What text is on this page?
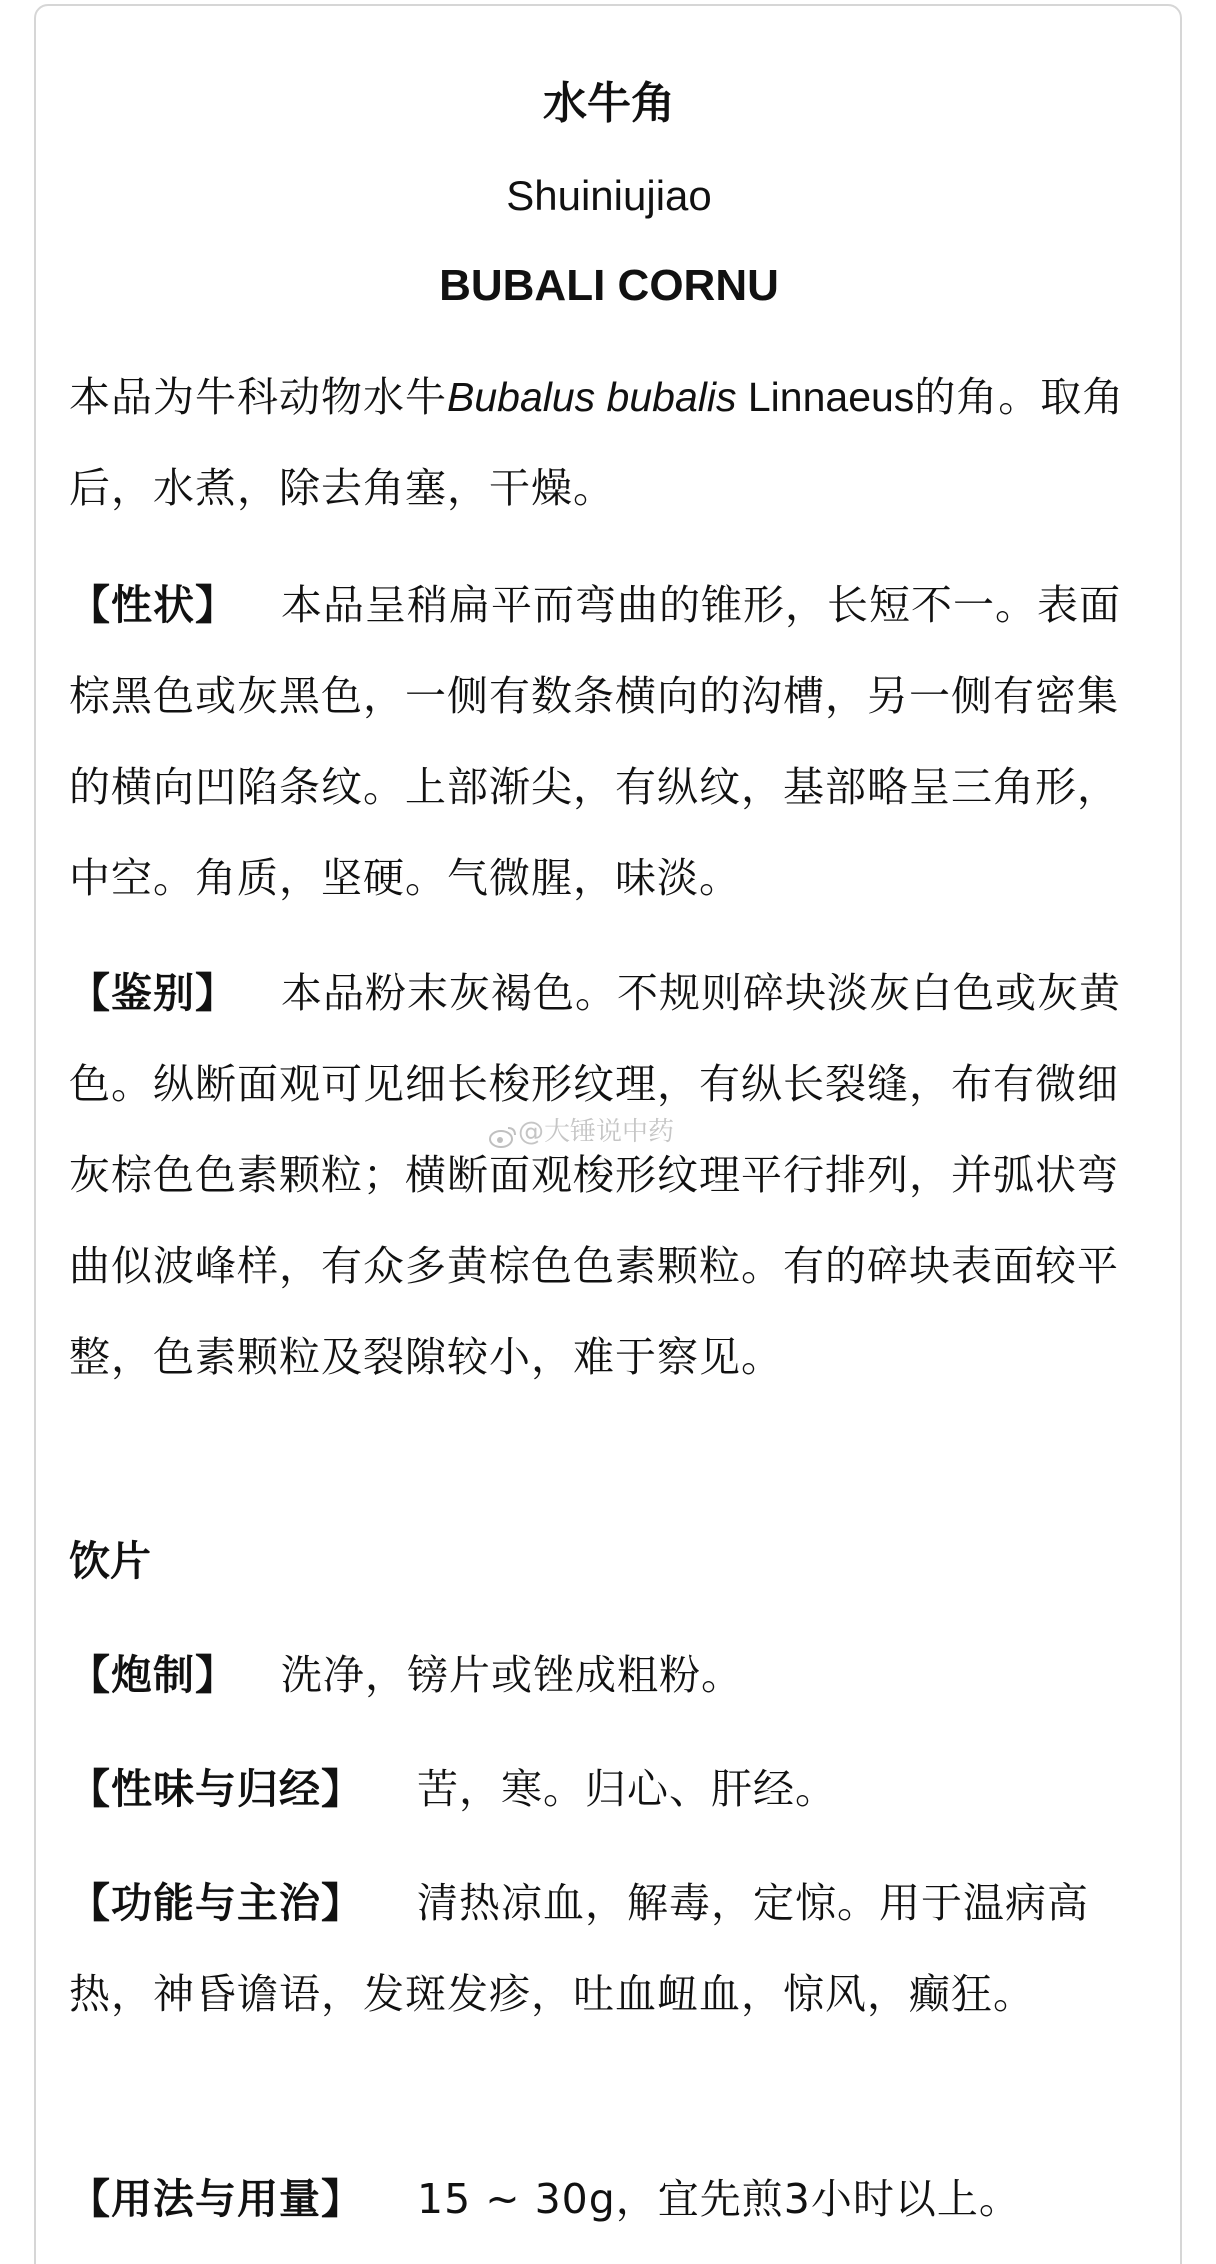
水牛角
Shuiniujiao
BUBALI CORNU

本品为牛科动物水牛Bubalus bubalis Linnaeus的角。取角后，水煮，除去角塞，干燥。

【性状】 本品呈稍扁平而弯曲的锥形，长短不一。表面棕黑色或灰黑色，一侧有数条横向的沟槽，另一侧有密集的横向凹陷条纹。上部渐尖，有纵纹，基部略呈三角形，中空。角质，坚硬。气微腥，味淡。

【鉴别】 本品粉末灰褐色。不规则碎块淡灰白色或灰黄色。纵断面观可见细长梭形纹理，有纵长裂缝，布有微细灰棕色色素颗粒；横断面观梭形纹理平行排列，并弧状弯曲似波峰样，有众多黄棕色色素颗粒。有的碎块表面较平整，色素颗粒及裂隙较小，难于察见。

饮片

【炮制】 洗净，镑片或锉成粗粉。

【性味与归经】 苦，寒。归心、肝经。

【功能与主治】 清热凉血，解毒，定惊。用于温病高热，神昏谵语，发斑发疹，吐血衄血，惊风，癫狂。

【用法与用量】 15 ~ 30g，宜先煎3小时以上。

@大锤说中药
